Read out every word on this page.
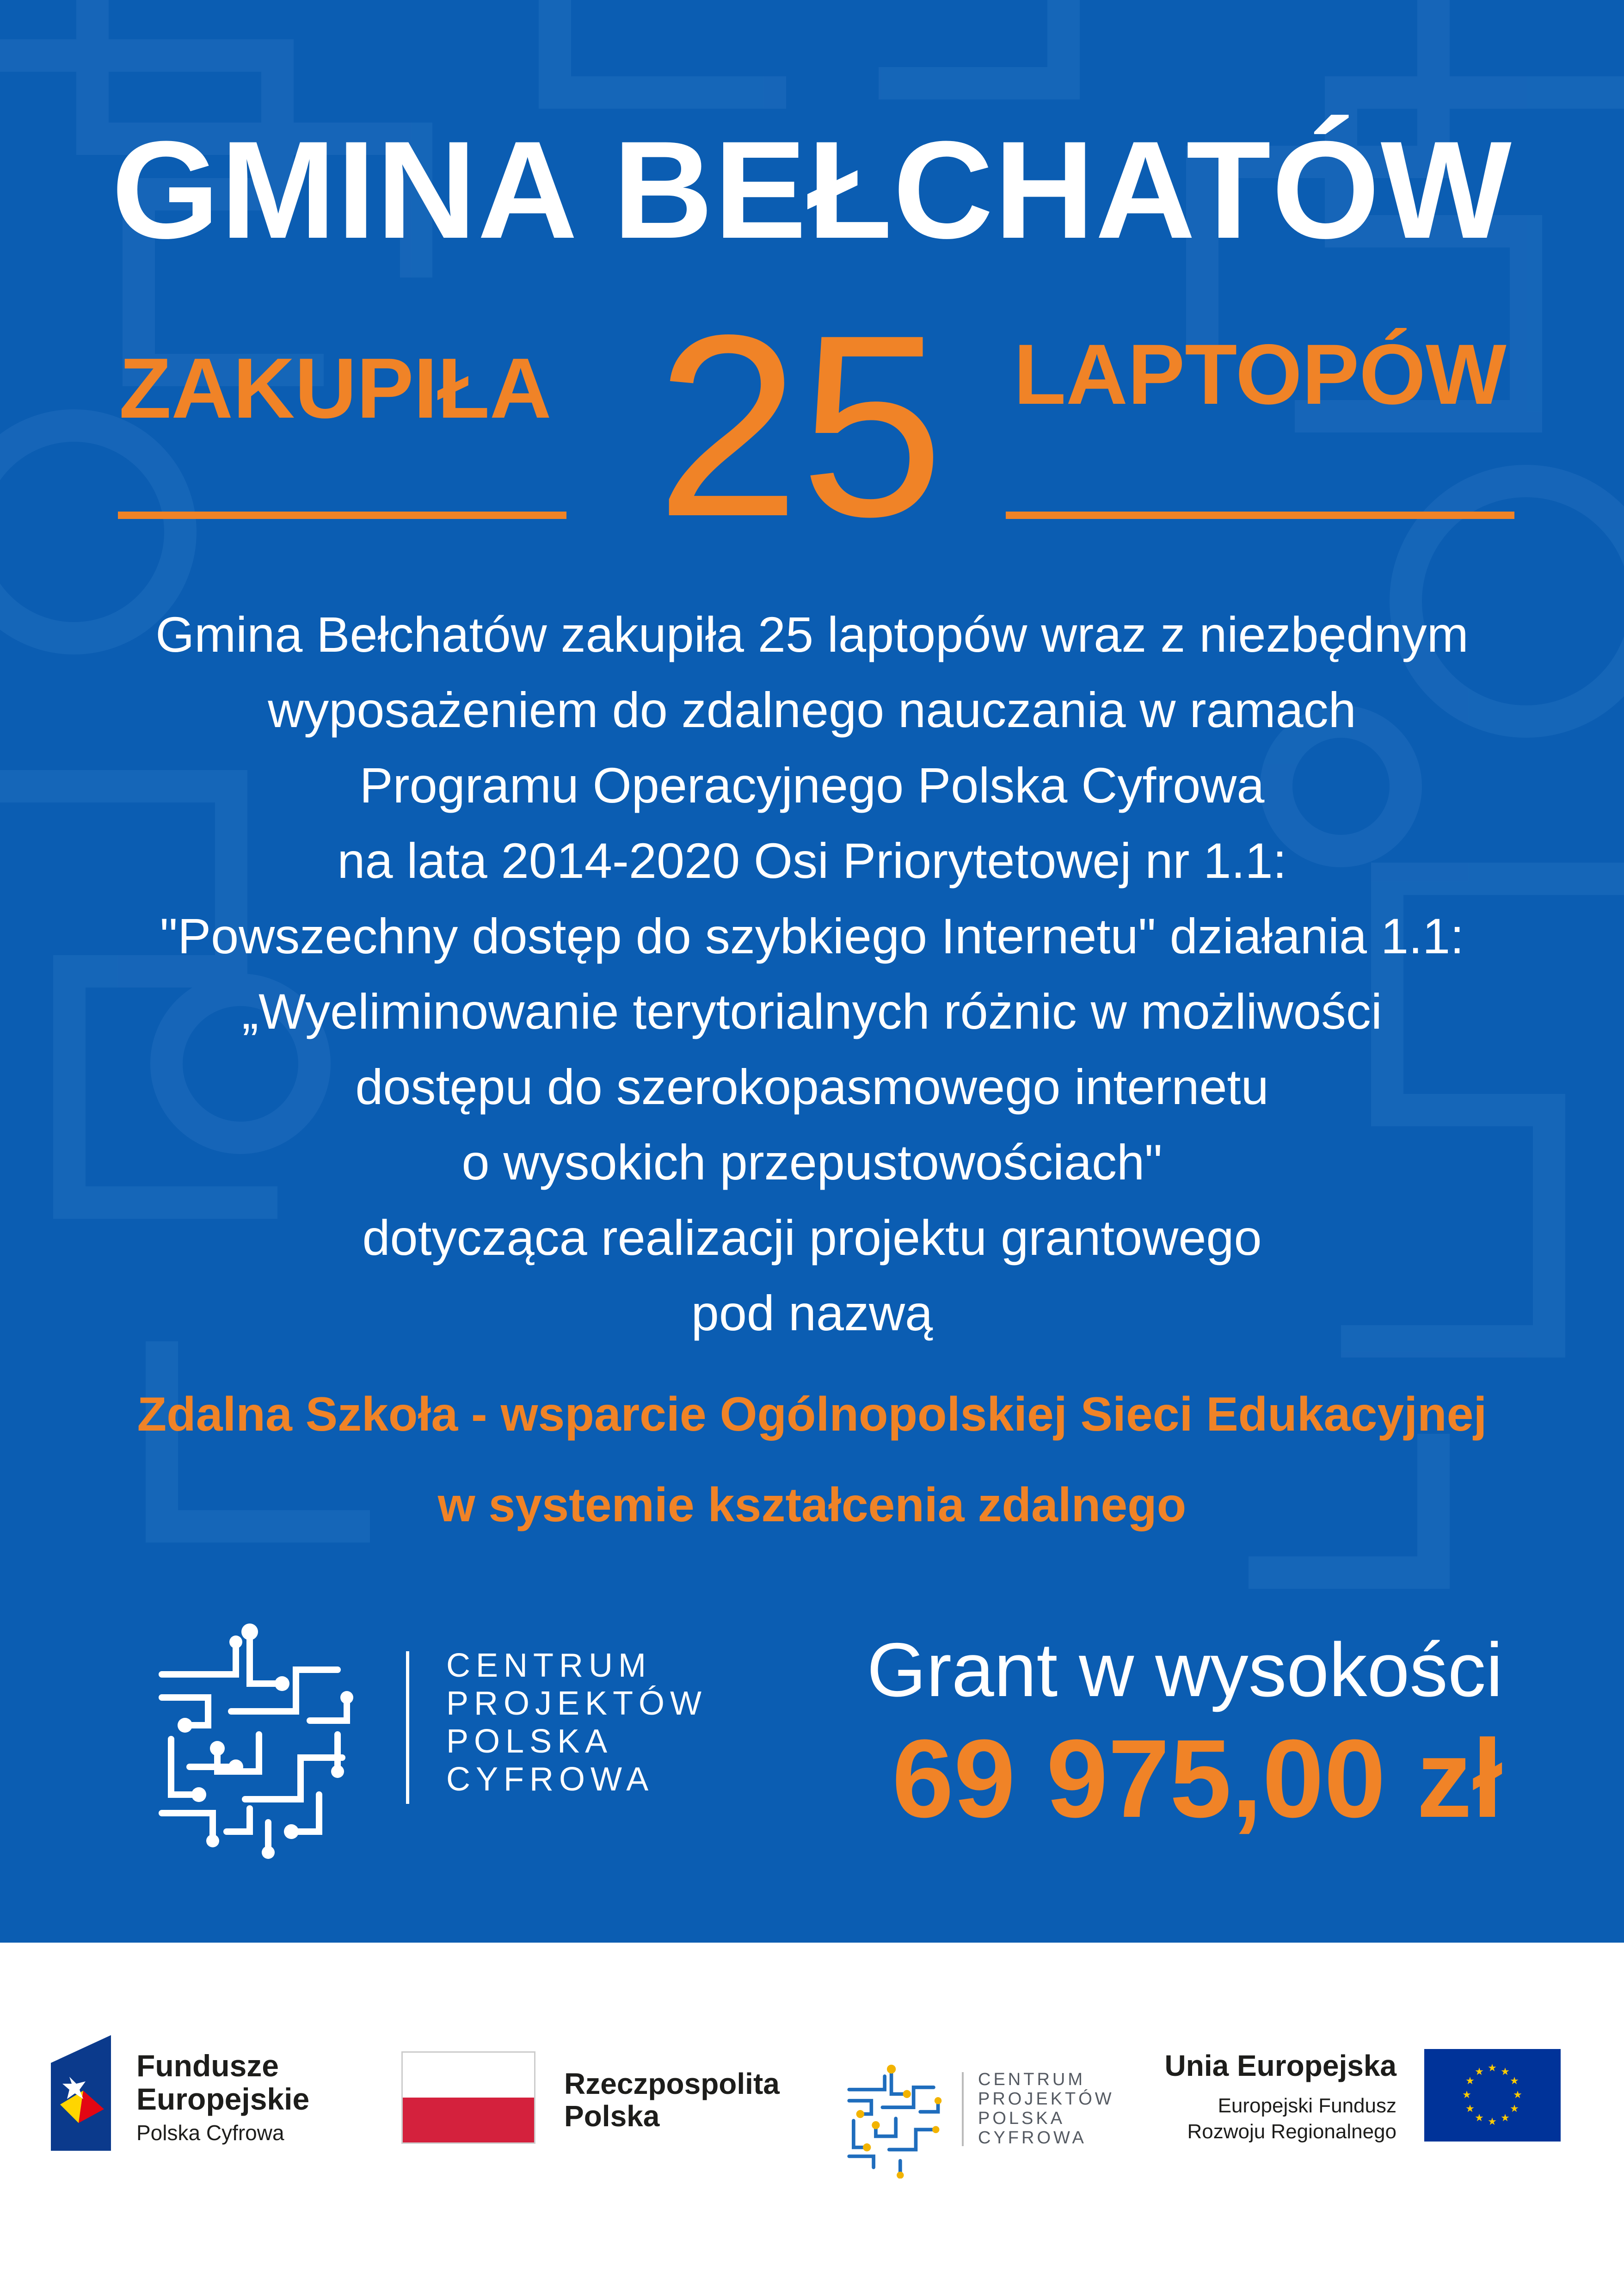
GMINA BEŁCHATÓW
ZAKUPIŁA 25 LAPTOPÓW
Gmina Bełchatów zakupiła 25 laptopów wraz z niezbędnym
wyposażeniem do zdalnego nauczania w ramach
Programu Operacyjnego Polska Cyfrowa
na lata 2014-2020 Osi Priorytetowej nr 1.1:
"Powszechny dostęp do szybkiego Internetu" działania 1.1:
„Wyeliminowanie terytorialnych różnic w możliwości
dostępu do szerokopasmowego internetu
o wysokich przepustowościach"
dotycząca realizacji projektu grantowego
pod nazwą
Zdalna Szkoła - wsparcie Ogólnopolskiej Sieci Edukacyjnej
w systemie kształcenia zdalnego
CENTRUM
PROJEKTÓW
POLSKA
CYFROWA
Grant w wysokości
69 975,00 zł
Fundusze
Europejskie
Polska Cyfrowa
Rzeczpospolita
Polska
CENTRUM
PROJEKTÓW
POLSKA
CYFROWA
Unia Europejska
Europejski Fundusz
Rozwoju Regionalnego
★ ★
★
★
★
★
★
★
★
★
★
★
